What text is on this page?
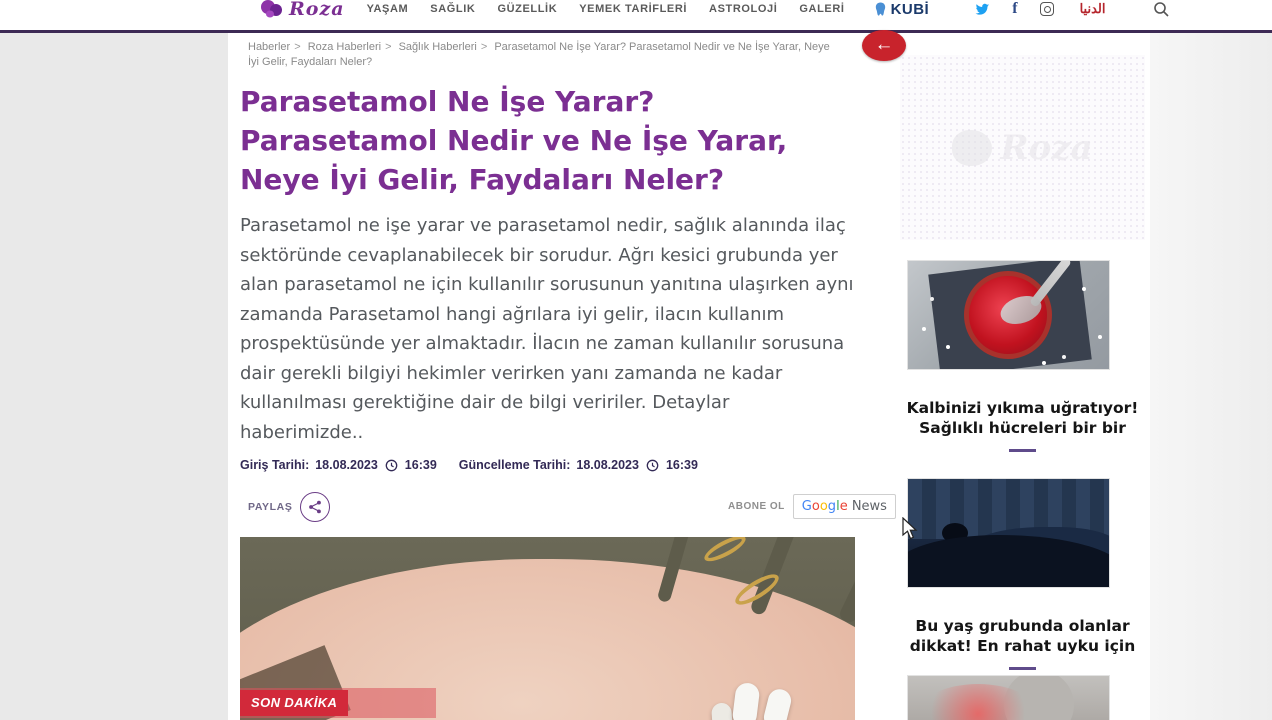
Roza YAŞAM SAĞLIK GÜZELLİK YEMEK TARİFLERİ ASTROLOJİ GALERİ	KUBİ	f	الدنيا
←
Haberler > Roza Haberleri > Sağlık Haberleri > Parasetamol Ne İşe Yarar? Parasetamol Nedir ve Ne İşe Yarar, Neye İyi Gelir, Faydaları Neler?
Parasetamol Ne İşe Yarar? Parasetamol Nedir ve Ne İşe Yarar, Neye İyi Gelir, Faydaları Neler?

Parasetamol ne işe yarar ve parasetamol nedir, sağlık alanında ilaç sektöründe cevaplanabilecek bir sorudur. Ağrı kesici grubunda yer alan parasetamol ne için kullanılır sorusunun yanıtına ulaşırken aynı zamanda Parasetamol hangi ağrılara iyi gelir, ilacın kullanım prospektüsünde yer almaktadır. İlacın ne zaman kullanılır sorusuna dair gerekli bilgiyi hekimler verirken yanı zamanda ne kadar kullanılması gerektiğine dair de bilgi veririler. Detaylar haberimizde..

Giriş Tarihi: 18.08.2023 16:39 Güncelleme Tarihi: 18.08.2023 16:39
PAYLAŞ	ABONE OL	Google News
SON DAKİKA
Roza
Kalbinizi yıkıma uğratıyor! Sağlıklı hücreleri bir bir
Bu yaş grubunda olanlar dikkat! En rahat uyku için
